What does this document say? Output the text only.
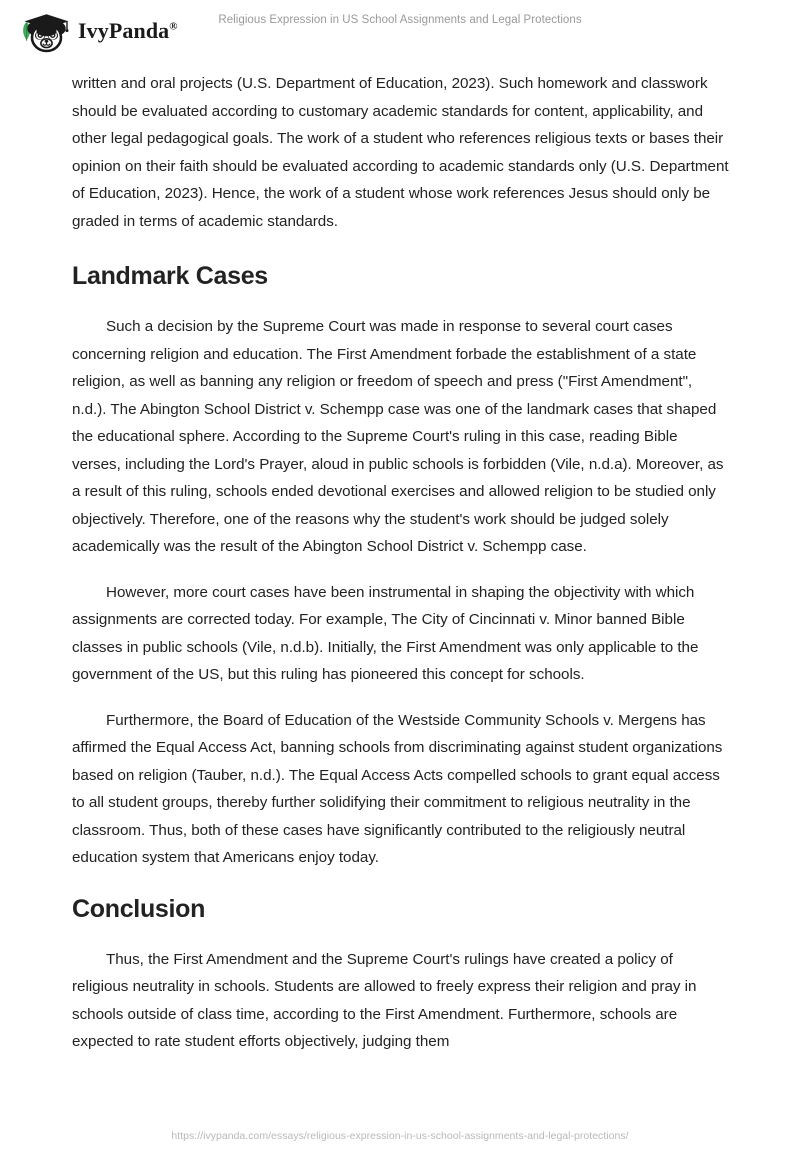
IvyPanda®
Religious Expression in US School Assignments and Legal Protections

written and oral projects (U.S. Department of Education, 2023). Such homework and classwork should be evaluated according to customary academic standards for content, applicability, and other legal pedagogical goals. The work of a student who references religious texts or bases their opinion on their faith should be evaluated according to academic standards only (U.S. Department of Education, 2023). Hence, the work of a student whose work references Jesus should only be graded in terms of academic standards.

Landmark Cases

Such a decision by the Supreme Court was made in response to several court cases concerning religion and education. The First Amendment forbade the establishment of a state religion, as well as banning any religion or freedom of speech and press ("First Amendment", n.d.). The Abington School District v. Schempp case was one of the landmark cases that shaped the educational sphere. According to the Supreme Court's ruling in this case, reading Bible verses, including the Lord's Prayer, aloud in public schools is forbidden (Vile, n.d.a). Moreover, as a result of this ruling, schools ended devotional exercises and allowed religion to be studied only objectively. Therefore, one of the reasons why the student's work should be judged solely academically was the result of the Abington School District v. Schempp case.

However, more court cases have been instrumental in shaping the objectivity with which assignments are corrected today. For example, The City of Cincinnati v. Minor banned Bible classes in public schools (Vile, n.d.b). Initially, the First Amendment was only applicable to the government of the US, but this ruling has pioneered this concept for schools.

Furthermore, the Board of Education of the Westside Community Schools v. Mergens has affirmed the Equal Access Act, banning schools from discriminating against student organizations based on religion (Tauber, n.d.). The Equal Access Acts compelled schools to grant equal access to all student groups, thereby further solidifying their commitment to religious neutrality in the classroom. Thus, both of these cases have significantly contributed to the religiously neutral education system that Americans enjoy today.

Conclusion

Thus, the First Amendment and the Supreme Court's rulings have created a policy of religious neutrality in schools. Students are allowed to freely express their religion and pray in schools outside of class time, according to the First Amendment. Furthermore, schools are expected to rate student efforts objectively, judging them

https://ivypanda.com/essays/religious-expression-in-us-school-assignments-and-legal-protections/
